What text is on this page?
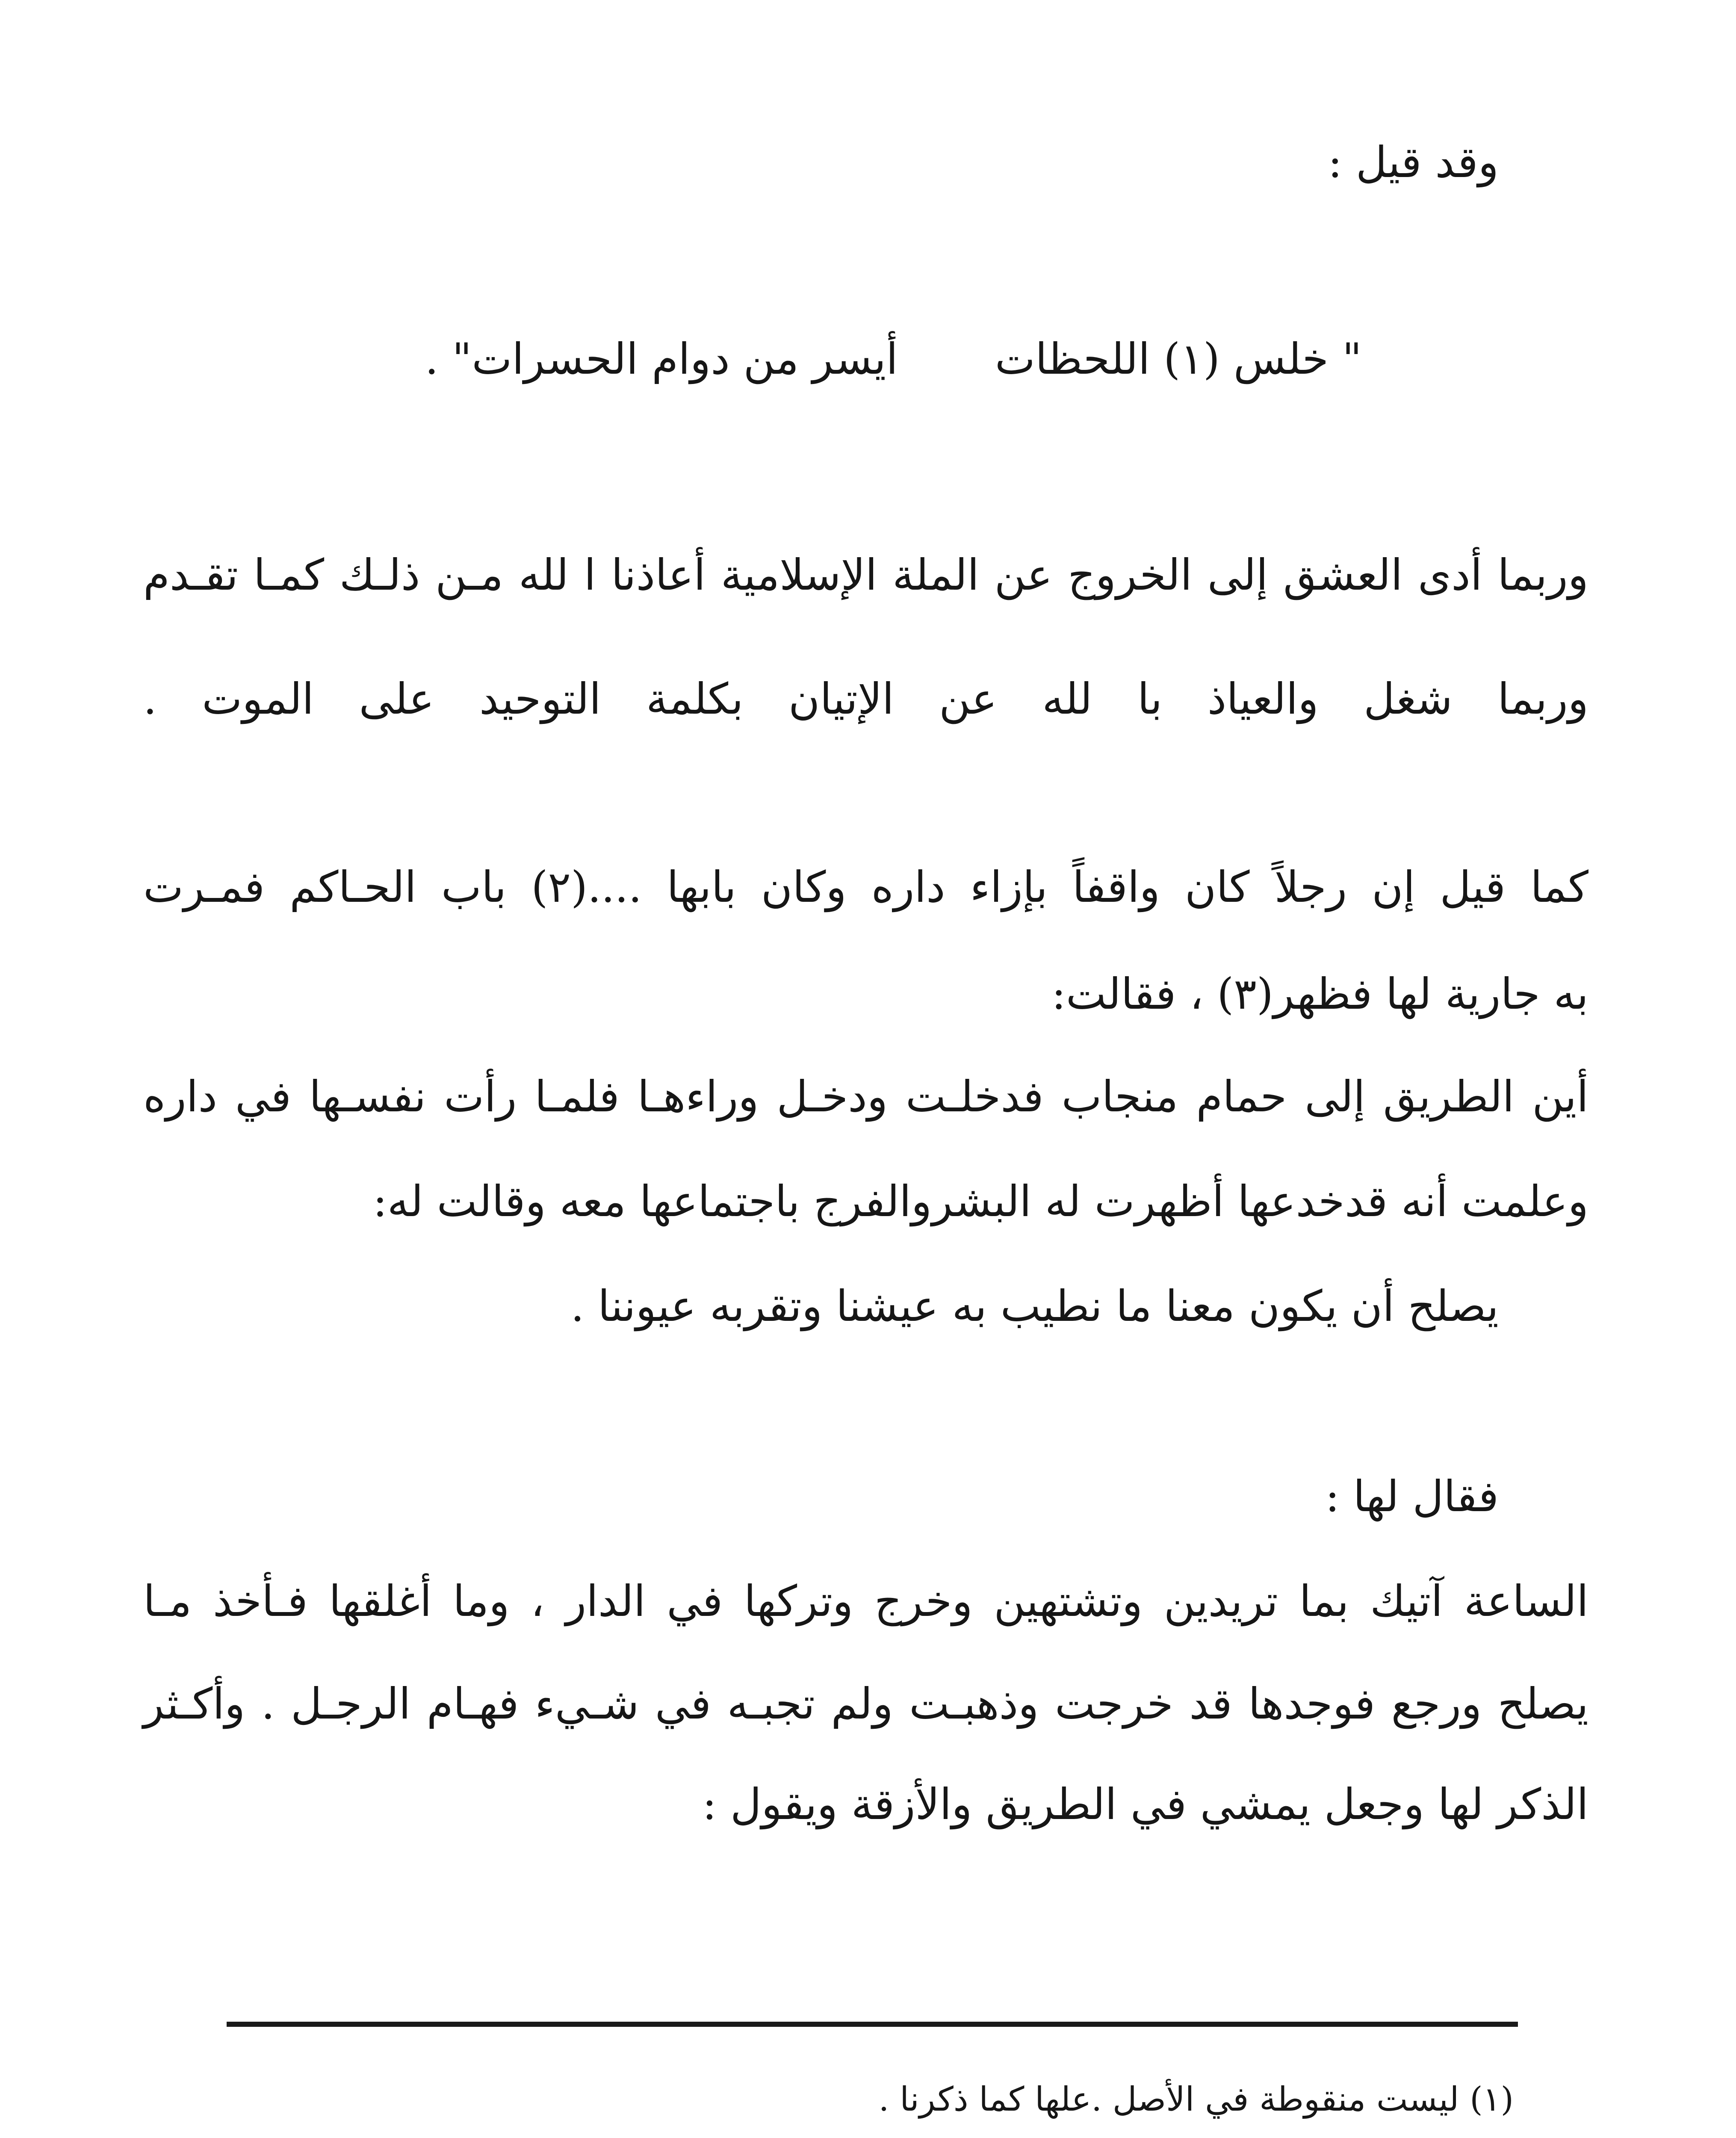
وقد قيل :

" خلس (١) اللحظات

أيسر من دوام الحسرات" .

وربما أدى العشق إلى الخروج عن الملة الإسلامية أعاذنا ا لله مـن ذلـك كمـا تقـدم

وربما شغل والعياذ با لله عن الإتيان بكلمة التوحيد على الموت .

كما قيل إن رجلاً كان واقفاً بإزاء داره وكان بابها ....(٢) باب الحـاكم فمـرت

به جارية لها فظهر(٣) ، فقالت:

أين الطريق إلى حمام منجاب فدخلـت ودخـل وراءهـا فلمـا رأت نفسـها في داره

وعلمت أنه قدخدعها أظهرت له البشروالفرج باجتماعها معه وقالت له:

يصلح أن يكون معنا ما نطيب به عيشنا وتقربه عيوننا .

فقال لها :

الساعة آتيك بما تريدين وتشتهين وخرج وتركها في الدار ، وما أغلقها فـأخذ مـا

يصلح ورجع فوجدها قد خرجت وذهبـت ولم تجبـه في شـيء فهـام الرجـل . وأكـثر

الذكر لها وجعل يمشي في الطريق والأزقة ويقول :

(١) ليست منقوطة في الأصل .علها كما ذكرنا .
